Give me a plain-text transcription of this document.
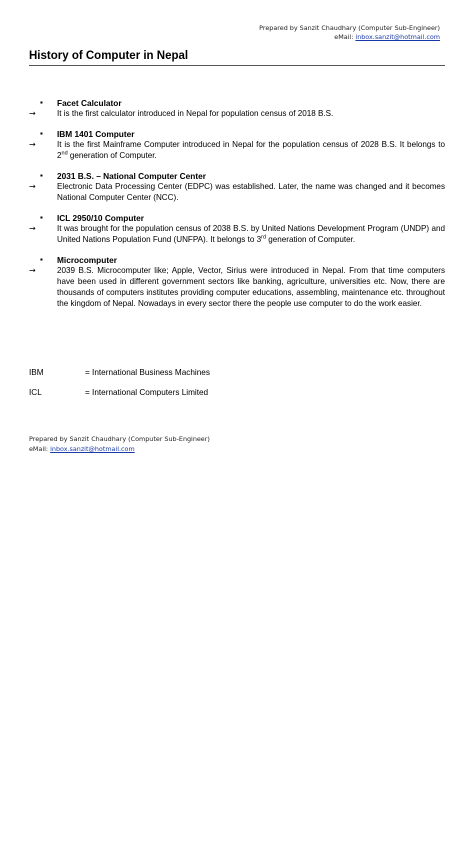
Prepared by Sanzit Chaudhary (Computer Sub-Engineer)
eMail: inbox.sanzit@hotmail.com
History of Computer in Nepal
▪ Facet Calculator
→	It is the first calculator introduced in Nepal for population census of 2018 B.S.
▪ IBM 1401 Computer
→	It is the first Mainframe Computer introduced in Nepal for the population census of 2028 B.S. It belongs to 2nd generation of Computer.
▪ 2031 B.S. – National Computer Center
→	Electronic Data Processing Center (EDPC) was established. Later, the name was changed and it becomes National Computer Center (NCC).
▪ ICL 2950/10 Computer
→	It was brought for the population census of 2038 B.S. by United Nations Development Program (UNDP) and United Nations Population Fund (UNFPA). It belongs to 3rd generation of Computer.
▪ Microcomputer
→	2039 B.S. Microcomputer like; Apple, Vector, Sirius were introduced in Nepal. From that time computers have been used in different government sectors like banking, agriculture, universities etc. Now, there are thousands of computers institutes providing computer educations, assembling, maintenance etc. throughout the kingdom of Nepal. Nowadays in every sector there the people use computer to do the work easier.
IBM	= International Business Machines
ICL	= International Computers Limited
Prepared by Sanzit Chaudhary (Computer Sub-Engineer)
eMail: inbox.sanzit@hotmail.com
